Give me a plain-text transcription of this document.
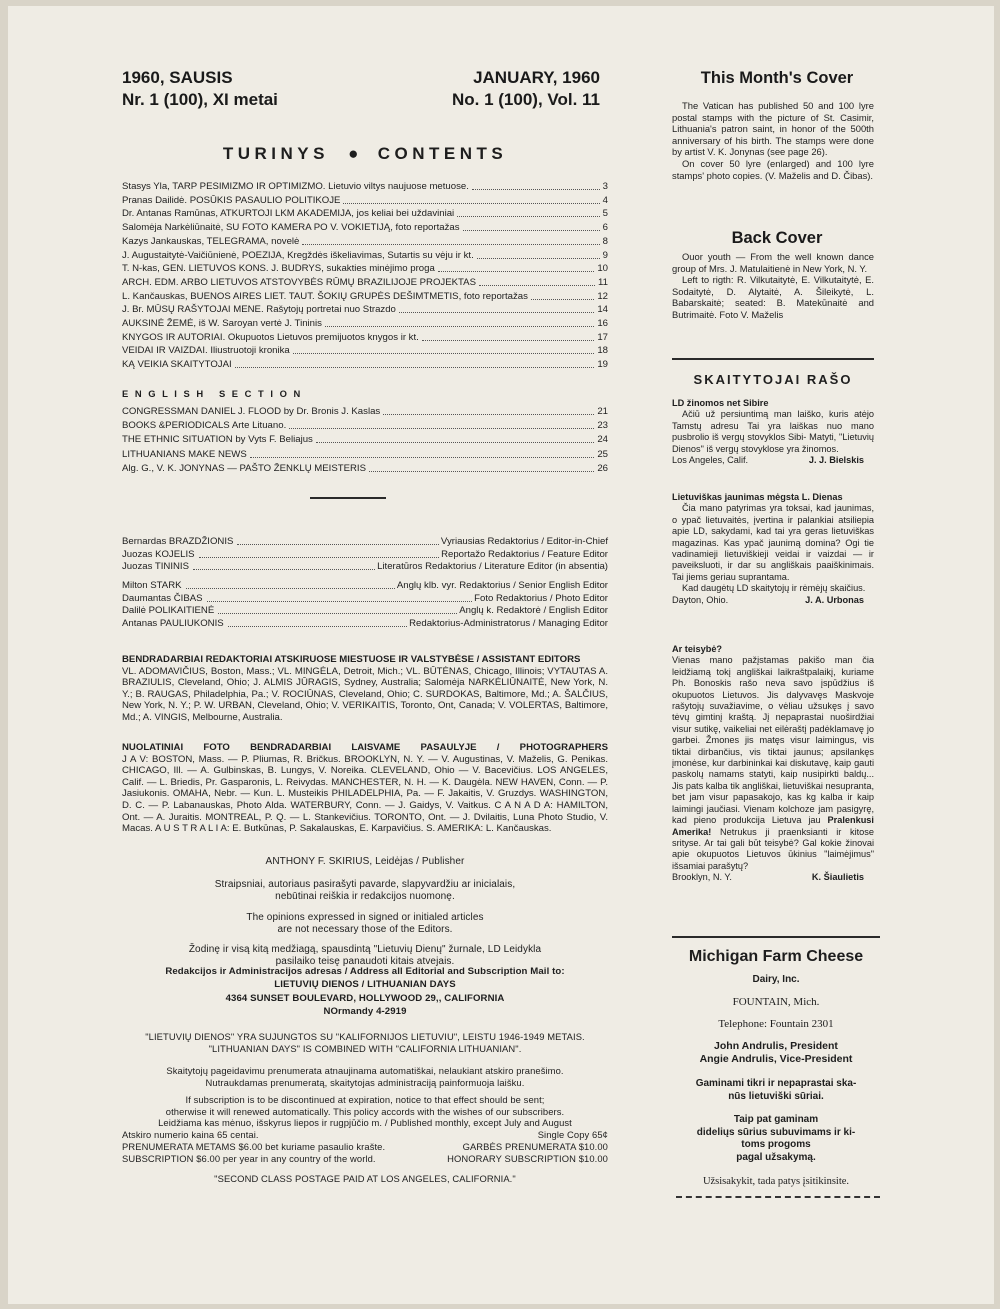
1960, SAUSIS
Nr. 1 (100), XI metai
JANUARY, 1960
No. 1 (100), Vol. 11
TURINYS ● CONTENTS
Stasys Yla, TARP PESIMIZMO IR OPTIMIZMO. Lietuvio viltys naujuose metuose.	3
Pranas Dailidė. POSŪKIS PASAULIO POLITIKOJE	4
Dr. Antanas Ramūnas, ATKURTOJI LKM AKADEMIJA, jos keliai bei uždaviniai	5
Salomėja Narkėliūnaitė, SU FOTO KAMERA PO V. VOKIETIJĄ, foto reportažas	6
Kazys Jankauskas, TELEGRAMA, novelė	8
J. Augustaitytė-Vaičiūnienė, POEZIJA, Kregždės iškeliavimas, Sutartis su vėju ir kt.	9
T. N-kas, GEN. LIETUVOS KONS. J. BUDRYS, sukakties minėjimo proga	10
ARCH. EDM. ARBO LIETUVOS ATSTOVYBĖS RŪMŲ BRAZILIJOJE PROJEKTAS	11
L. Kančauskas, BUENOS AIRES LIET. TAUT. ŠOKIŲ GRUPĖS DEŠIMTMETIS, foto reportažas	12
J. Br. MŪSŲ RAŠYTOJAI MENE. Rašytojų portretai nuo Strazdo	14
AUKSINĖ ŽEMĖ, iš W. Saroyan vertė J. Tininis	16
KNYGOS IR AUTORIAI. Okupuotos Lietuvos premijuotos knygos ir kt.	17
VEIDAI IR VAIZDAI. Iliustruotoji kronika	18
KĄ VEIKIA SKAITYTOJAI	19
E N G L I S H   S E C T I O N
CONGRESSMAN DANIEL J. FLOOD by Dr. Bronis J. Kaslas	21
BOOKS &PERIODICALS Arte Lituano.	23
THE ETHNIC SITUATION by Vyts F. Beliajus	24
LITHUANIANS MAKE NEWS	25
Alg. G., V. K. JONYNAS — PAŠTO ŽENKLŲ MEISTERIS	26
Bernardas BRAZDŽIONIS	Vyriausias Redaktorius / Editor-in-Chief
Juozas KOJELIS	Reportažo Redaktorius / Feature Editor
Juozas TININIS	Literatūros Redaktorius / Literature Editor (in absentia)
Milton STARK	Anglų klb. vyr. Redaktorius / Senior English Editor
Daumantas ČIBAS	Foto Redaktorius / Photo Editor
Dalilė POLIKAITIENĖ	Anglų k. Redaktorė / English Editor
Antanas PAULIUKONIS	Redaktorius-Administratorus / Managing Editor

BENDRADARBIAI REDAKTORIAI ATSKIRUOSE MIESTUOSE IR VALSTYBĖSE / ASSISTANT EDITORS

VL. ADOMAVIČIUS, Boston, Mass.; VL. MINGĖLA, Detroit, Mich.; VL. BŪTĖNAS, Chicago, Illinois; VYTAUTAS A. BRAZIULIS, Cleveland, Ohio; J. ALMIS JŪRAGIS, Sydney, Australia; Salomėja NARKĖLIŪNAITĖ, New York, N. Y.; B. RAUGAS, Philadelphia, Pa.; V. ROCIŪNAS, Cleveland, Ohio; C. SURDOKAS, Baltimore, Md.; A. ŠALČIUS, New York, N. Y.; P. W. URBAN, Cleveland, Ohio; V. VERIKAITIS, Toronto, Ont, Canada; V. VOLERTAS, Baltimore, Md.; A. VINGIS, Melbourne, Australia.

NUOLATINIAI FOTO BENDRADARBIAI LAISVAME PASAULYJE / PHOTOGRAPHERS

J A V: BOSTON, Mass. — P. Pliumas, R. Bričkus. BROOKLYN, N. Y. — V. Augustinas, V. Maželis, G. Penikas. CHICAGO, Ill. — A. Gulbinskas, B. Lungys, V. Noreika. CLEVELAND, Ohio — V. Bacevičius. LOS ANGELES, Calif. — L. Briedis, Pr. Gasparonis, L. Reivydas. MANCHESTER, N. H. — K. Daugėla. NEW HAVEN, Conn. — P. Jasiukonis. OMAHA, Nebr. — Kun. L. Musteikis PHILADELPHIA, Pa. — F. Jakaitis, V. Gruzdys. WASHINGTON, D. C. — P. Labanauskas, Photo Alda. WATERBURY, Conn. — J. Gaidys, V. Vaitkus. C A N A D A: HAMILTON, Ont. — A. Juraitis. MONTREAL, P. Q. — L. Stankevičius. TORONTO, Ont. — J. Dvilaitis, Luna Photo Studio, V. Macas. A U S T R A L I A: E. Butkūnas, P. Sakalauskas, E. Karpavičius. S. AMERIKA: L. Kančauskas.

ANTHONY F. SKIRIUS, Leidėjas / Publisher
Straipsniai, autoriaus pasirašyti pavarde, slapyvardžiu ar inicialais,
nebūtinai reiškia ir redakcijos nuomonę.
The opinions expressed in signed or initialed articles
are not necessary those of the Editors.
Žodinę ir visą kitą medžiagą, spausdintą "Lietuvių Dienų" žurnale, LD Leidykla
pasilaiko teisę panaudoti kitais atvejais.
Redakcijos ir Administracijos adresas / Address all Editorial and Subscription Mail to:
LIETUVIŲ DIENOS / LITHUANIAN DAYS
4364 SUNSET BOULEVARD, HOLLYWOOD 29,, CALIFORNIA
NOrmandy 4-2919
"LIETUVIŲ DIENOS" YRA SUJUNGTOS SU "KALIFORNIJOS LIETUVIU", LEISTU 1946-1949 METAIS.
"LITHUANIAN DAYS" IS COMBINED WITH "CALIFORNIA LITHUANIAN".
Skaitytojų pageidavimu prenumerata atnaujinama automatiškai, nelaukiant atskiro pranešimo.
Nutraukdamas prenumeratą, skaitytojas administraciją painformuoja laišku.
If subscription is to be discontinued at expiration, notice to that effect should be sent;
otherwise it will renewed automatically. This policy accords with the wishes of our subscribers.
Leidžiama kas mėnuo, išskyrus liepos ir rugpjūčio m. / Published monthly, except July and August
Atskiro numerio kaina 65 centai.	Single Copy 65¢
PRENUMERATA METAMS $6.00 bet kuriame pasaulio krašte.	GARBĖS PRENUMERATA $10.00
SUBSCRIPTION $6.00 per year in any country of the world.	HONORARY SUBSCRIPTION $10.00
"SECOND CLASS POSTAGE PAID AT LOS ANGELES, CALIFORNIA."
This Month's Cover

The Vatican has published 50 and 100 lyre postal stamps with the picture of St. Casimir, Lithuania's patron saint, in honor of the 500th anniversary of his birth. The stamps were done by artist V. K. Jonynas (see page 26).

On cover 50 lyre (enlarged) and 100 lyre stamps' photo copies. (V. Maželis and D. Čibas).

Back Cover

Ouor youth — From the well known dance group of Mrs. J. Matulaitienė in New York, N. Y.

Left to rigth: R. Vilkutaitytė, E. Vilkutaitytė, E. Sodaitytė, D. Alytaitė, A. Šileikytė, L. Babarskaitė; seated: B. Matekūnaitė and Butrimaitė. Foto V. Maželis

SKAITYTOJAI RAŠO

LD žinomos net Sibire

Ačiū už persiuntimą man laiško, kuris atėjo Tamstų adresu Tai yra laiškas nuo mano pusbrolio iš vergų stovyklos Sibi- Matyti, "Lietuvių Dienos" iš vergų stovyklose yra žinomos.

Los Angeles, Calif.	J. J. Bielskis

Lietuviškas jaunimas mėgsta L. Dienas

Čia mano patyrimas yra toksai, kad jaunimas, o ypač lietuvaitės, įvertina ir palankiai atsiliepia apie LD, sakydami, kad tai yra geras lietuviškas magazinas. Kas ypač jaunimą domina? Ogi tie vadinamieji lietuviškieji veidai ir vaizdai — ir paveiksluoti, ir dar su angliškais paaiškinimais. Tai jiems geriau suprantama.

Kad daugėtų LD skaitytojų ir rėmėjų skaičius.

Dayton, Ohio.	J. A. Urbonas

Ar teisybė?

Vienas mano pažįstamas pakišo man čia leidžiamą tokį angliškai laikraštpalaikį, kuriame Ph. Bonoskis rašo neva savo įspūdžius iš okupuotos Lietuvos. Jis dalyvavęs Maskvoje rašytojų suvažiavime, o vėliau užsukęs į savo tėvų gimtinį kraštą. Jį nepaprastai nuoširdžiai visur sutikę, vaikeliai net eilėraštį padėklamavę jo garbei. Žmones jis matęs visur laimingus, vis tiktai dirbančius, vis tiktai jaunus; apsilankęs įmonėse, kur darbininkai kai diskutavę, kaip gauti paskolų namams statyti, kaip nusipirkti baldų... Jis pats kalba tik angliškai, lietuviškai nesupranta, bet jam visur papasakojo, kas kg kalba ir kaip laimingi jaučiasi. Vienam kolchoze jam pasigyrę, kad pieno produkcija Lietuva jau Pralenkusi Amerika! Netrukus ji praenksianti ir kitose srityse. Ar tai gali būt teisybė? Gal kokie žinovai apie okupuotos Lietuvos ūkinius "laimėjimus" išsamiai parašytų?

Brooklyn, N. Y.	K. Šiaulietis
Michigan Farm Cheese
Dairy, Inc.
FOUNTAIN, Mich.
Telephone: Fountain 2301
John Andrulis, President
Angie Andrulis, Vice-President
Gaminami tikri ir nepaprastai ska-
nūs lietuviški sūriai.
Taip pat gaminam
dideliųs sūrius subuvimams ir ki-
toms progoms
pagal užsakymą.
Užsisakykit, tada patys įsitikinsite.
